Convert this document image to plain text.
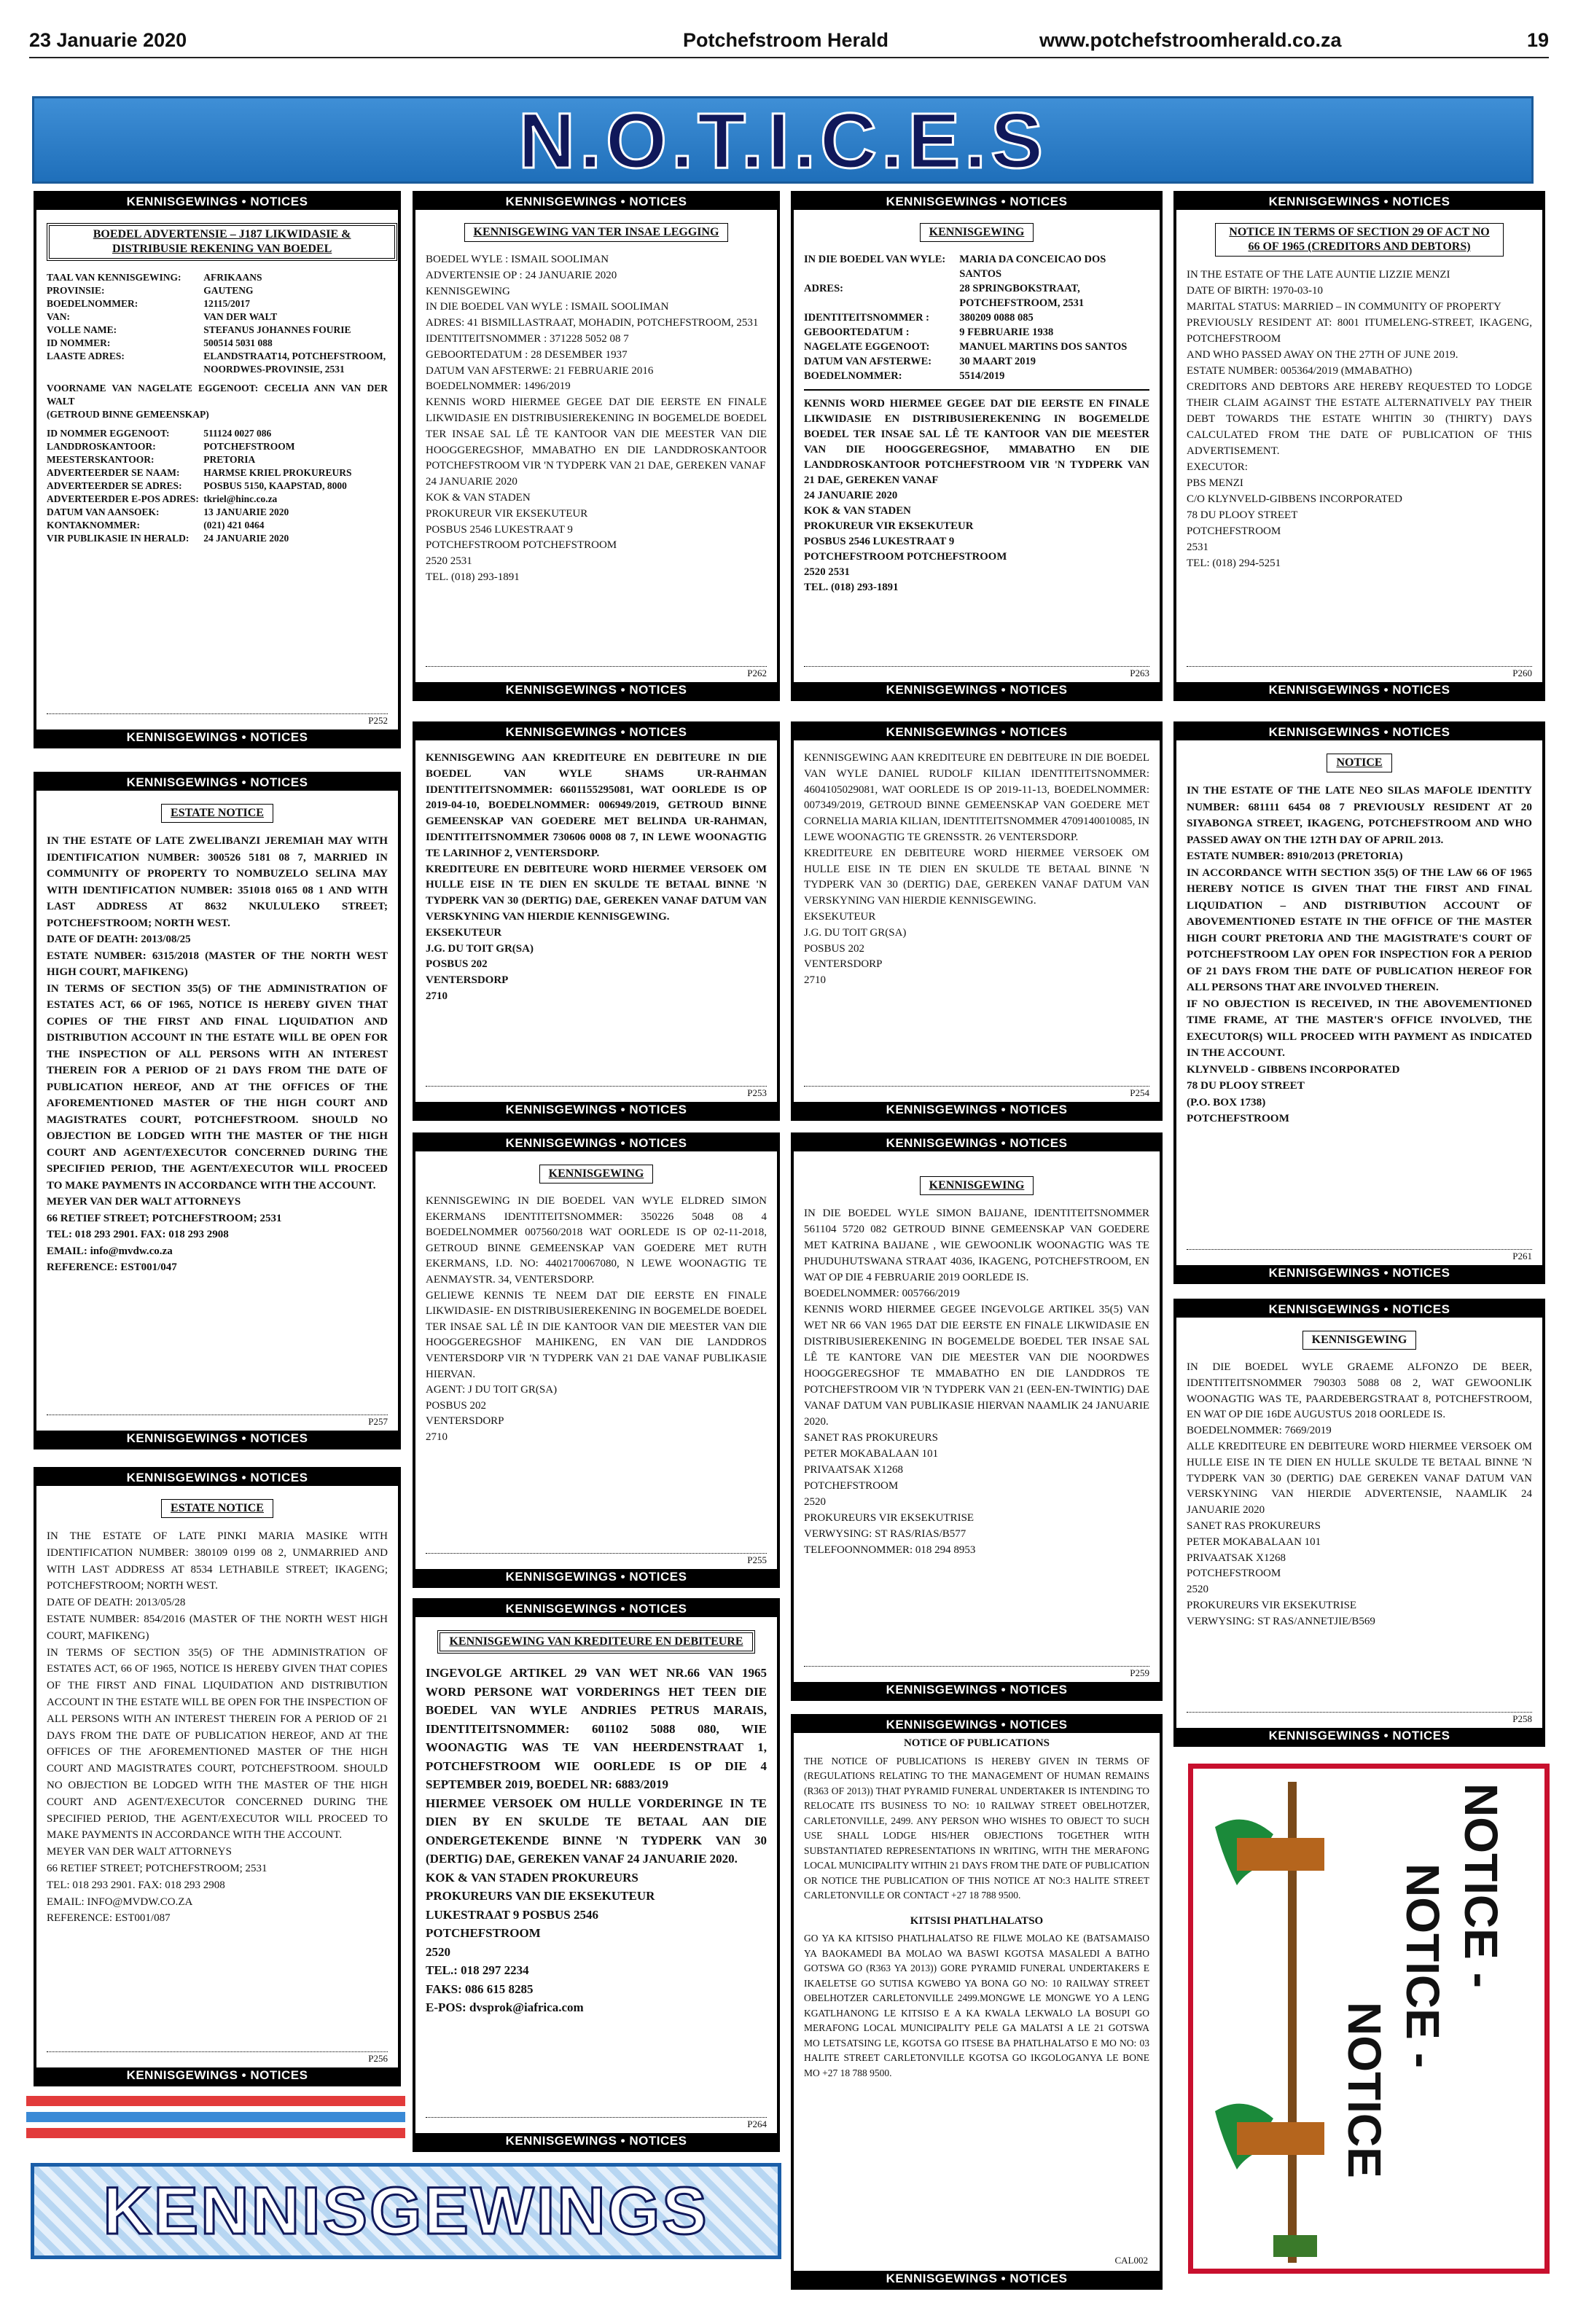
23 Januarie 2020	Potchefstroom Herald	www.potchefstroomherald.co.za	19
N.O.T.I.C.E.S
KENNISGEWINGS • NOTICES
BOEDEL ADVERTENSIE – J187 LIKWIDASIE & DISTRIBUSIE REKENING VAN BOEDEL
TAAL VAN KENNISGEWING:	AFRIKAANS
PROVINSIE:	GAUTENG
BOEDELNOMMER:	12115/2017
VAN:	VAN DER WALT
VOLLE NAME:	STEFANUS JOHANNES FOURIE
ID NOMMER:	500514 5031 088
LAASTE ADRES:	ELANDSTRAAT14, POTCHEFSTROOM, NOORDWES-PROVINSIE, 2531
VOORNAME VAN NAGELATE EGGENOOT: CECELIA ANN VAN DER WALT
(GETROUD BINNE GEMEENSKAP)
ID NOMMER EGGENOOT:	511124 0027 086
LANDDROSKANTOOR:	POTCHEFSTROOM
MEESTERSKANTOOR:	PRETORIA
ADVERTEERDER SE NAAM:	HARMSE KRIEL PROKUREURS
ADVERTEERDER SE ADRES:	POSBUS 5150, KAAPSTAD, 8000
ADVERTEERDER E-POS ADRES: tkriel@hinc.co.za
DATUM VAN AANSOEK:	13 JANUARIE 2020
KONTAKNOMMER:	(021) 421 0464
VIR PUBLIKASIE IN HERALD:	24 JANUARIE 2020
P252
KENNISGEWINGS • NOTICES
KENNISGEWINGS • NOTICES
ESTATE NOTICE
IN THE ESTATE OF LATE ZWELIBANZI JEREMIAH MAY WITH IDENTIFICATION NUMBER: 300526 5181 08 7, MARRIED IN COMMUNITY OF PROPERTY TO NOMBUZELO SELINA MAY WITH IDENTIFICATION NUMBER: 351018 0165 08 1 AND WITH LAST ADDRESS AT 8632 NKULULEKO STREET; POTCHEFSTROOM; NORTH WEST.
DATE OF DEATH: 2013/08/25
ESTATE NUMBER: 6315/2018 (MASTER OF THE NORTH WEST HIGH COURT, MAFIKENG)
IN TERMS OF SECTION 35(5) OF THE ADMINISTRATION OF ESTATES ACT, 66 OF 1965, NOTICE IS HEREBY GIVEN THAT COPIES OF THE FIRST AND FINAL LIQUIDATION AND DISTRIBUTION ACCOUNT IN THE ESTATE WILL BE OPEN FOR THE INSPECTION OF ALL PERSONS WITH AN INTEREST THEREIN FOR A PERIOD OF 21 DAYS FROM THE DATE OF PUBLICATION HEREOF, AND AT THE OFFICES OF THE AFOREMENTIONED MASTER OF THE HIGH COURT AND MAGISTRATES COURT, POTCHEFSTROOM. SHOULD NO OBJECTION BE LODGED WITH THE MASTER OF THE HIGH COURT AND AGENT/EXECUTOR CONCERNED DURING THE SPECIFIED PERIOD, THE AGENT/EXECUTOR WILL PROCEED TO MAKE PAYMENTS IN ACCORDANCE WITH THE ACCOUNT.
MEYER VAN DER WALT ATTORNEYS
66 RETIEF STREET; POTCHEFSTROOM; 2531
TEL: 018 293 2901. FAX: 018 293 2908
EMAIL: info@mvdw.co.za
REFERENCE: EST001/047
P257
KENNISGEWINGS • NOTICES
KENNISGEWINGS • NOTICES
ESTATE NOTICE
IN THE ESTATE OF LATE PINKI MARIA MASIKE WITH IDENTIFICATION NUMBER: 380109 0199 08 2, UNMARRIED AND WITH LAST ADDRESS AT 8534 LETHABILE STREET; IKAGENG; POTCHEFSTROOM; NORTH WEST.
DATE OF DEATH: 2013/05/28
ESTATE NUMBER: 854/2016 (MASTER OF THE NORTH WEST HIGH COURT, MAFIKENG)
IN TERMS OF SECTION 35(5) OF THE ADMINISTRATION OF ESTATES ACT, 66 OF 1965, NOTICE IS HEREBY GIVEN THAT COPIES OF THE FIRST AND FINAL LIQUIDATION AND DISTRIBUTION ACCOUNT IN THE ESTATE WILL BE OPEN FOR THE INSPECTION OF ALL PERSONS WITH AN INTEREST THEREIN FOR A PERIOD OF 21 DAYS FROM THE DATE OF PUBLICATION HEREOF, AND AT THE OFFICES OF THE AFOREMENTIONED MASTER OF THE HIGH COURT AND MAGISTRATES COURT, POTCHEFSTROOM. SHOULD NO OBJECTION BE LODGED WITH THE MASTER OF THE HIGH COURT AND AGENT/EXECUTOR CONCERNED DURING THE SPECIFIED PERIOD, THE AGENT/EXECUTOR WILL PROCEED TO MAKE PAYMENTS IN ACCORDANCE WITH THE ACCOUNT.
MEYER VAN DER WALT ATTORNEYS
66 RETIEF STREET; POTCHEFSTROOM; 2531
TEL: 018 293 2901. FAX: 018 293 2908
EMAIL: INFO@MVDW.CO.ZA
REFERENCE: EST001/087
P256
KENNISGEWINGS • NOTICES
KENNISGEWINGS
KENNISGEWINGS • NOTICES
KENNISGEWING VAN TER INSAE LEGGING
BOEDEL WYLE : ISMAIL SOOLIMAN
ADVERTENSIE OP : 24 JANUARIE 2020
KENNISGEWING
IN DIE BOEDEL VAN WYLE : ISMAIL SOOLIMAN
ADRES: 41 BISMILLASTRAAT, MOHADIN, POTCHEFSTROOM, 2531
IDENTITEITSNOMMER : 371228 5052 08 7
GEBOORTEDATUM : 28 DESEMBER 1937
DATUM VAN AFSTERWE: 21 FEBRUARIE 2016
BOEDELNOMMER: 1496/2019
KENNIS WORD HIERMEE GEGEE DAT DIE EERSTE EN FINALE LIKWIDASIE EN DISTRIBUSIEREKENING IN BOGEMELDE BOEDEL TER INSAE SAL LÊ TE KANTOOR VAN DIE MEESTER VAN DIE HOOGGEREGSHOF, MMABATHO EN DIE LANDDROSKANTOOR POTCHEFSTROOM VIR 'N TYDPERK VAN 21 DAE, GEREKEN VANAF
24 JANUARIE 2020
KOK & VAN STADEN
PROKUREUR VIR EKSEKUTEUR
POSBUS 2546 LUKESTRAAT 9
POTCHEFSTROOM POTCHEFSTROOM
2520 2531
TEL. (018) 293-1891
P262
KENNISGEWINGS • NOTICES
KENNISGEWINGS • NOTICES
KENNISGEWING AAN KREDITEURE EN DEBITEURE IN DIE BOEDEL VAN WYLE SHAMS UR-RAHMAN IDENTITEITSNOMMER: 6601155295081, WAT OORLEDE IS OP 2019-04-10, BOEDELNOMMER: 006949/2019, GETROUD BINNE GEMEENSKAP VAN GOEDERE MET BELINDA UR-RAHMAN, IDENTITEITSNOMMER 730606 0008 08 7, IN LEWE WOONAGTIG TE LARINHOF 2, VENTERSDORP.
KREDITEURE EN DEBITEURE WORD HIERMEE VERSOEK OM HULLE EISE IN TE DIEN EN SKULDE TE BETAAL BINNE 'N TYDPERK VAN 30 (DERTIG) DAE, GEREKEN VANAF DATUM VAN VERSKYNING VAN HIERDIE KENNISGEWING.
EKSEKUTEUR
J.G. DU TOIT GR(SA)
POSBUS 202
VENTERSDORP
2710
P253
KENNISGEWINGS • NOTICES
KENNISGEWINGS • NOTICES
KENNISGEWING
KENNISGEWING IN DIE BOEDEL VAN WYLE ELDRED SIMON EKERMANS IDENTITEITSNOMMER: 350226 5048 08 4 BOEDELNOMMER 007560/2018 WAT OORLEDE IS OP 02-11-2018, GETROUD BINNE GEMEENSKAP VAN GOEDERE MET RUTH EKERMANS, I.D. NO: 4402170067080, N LEWE WOONAGTIG TE AENMAYSTR. 34, VENTERSDORP.
GELIEWE KENNIS TE NEEM DAT DIE EERSTE EN FINALE LIKWIDASIE- EN DISTRIBUSIEREKENING IN BOGEMELDE BOEDEL TER INSAE SAL LÊ IN DIE KANTOOR VAN DIE MEESTER VAN DIE HOOGGEREGSHOF MAHIKENG, EN VAN DIE LANDDROS VENTERSDORP VIR 'N TYDPERK VAN 21 DAE VANAF PUBLIKASIE HIERVAN.
AGENT: J DU TOIT GR(SA)
POSBUS 202
VENTERSDORP
2710
P255
KENNISGEWINGS • NOTICES
KENNISGEWINGS • NOTICES
KENNISGEWING VAN KREDITEURE EN DEBITEURE
INGEVOLGE ARTIKEL 29 VAN WET NR.66 VAN 1965 WORD PERSONE WAT VORDERINGS HET TEEN DIE BOEDEL VAN WYLE ANDRIES PETRUS MARAIS, IDENTITEITSNOMMER: 601102 5088 080, WIE WOONAGTIG WAS TE VAN HEERDENSTRAAT 1, POTCHEFSTROOM WIE OORLEDE IS OP DIE 4 SEPTEMBER 2019, BOEDEL NR: 6883/2019
HIERMEE VERSOEK OM HULLE VORDERINGE IN TE DIEN BY EN SKULDE TE BETAAL AAN DIE ONDERGETEKENDE BINNE 'N TYDPERK VAN 30 (DERTIG) DAE, GEREKEN VANAF 24 JANUARIE 2020.
KOK & VAN STADEN PROKUREURS
PROKUREURS VAN DIE EKSEKUTEUR
LUKESTRAAT 9 POSBUS 2546
POTCHEFSTROOM
2520
TEL.: 018 297 2234
FAKS: 086 615 8285
E-POS: dvsprok@iafrica.com
P264
KENNISGEWINGS • NOTICES
KENNISGEWINGS • NOTICES
KENNISGEWING
IN DIE BOEDEL VAN WYLE:	MARIA DA CONCEICAO DOS SANTOS
ADRES:	28 SPRINGBOKSTRAAT, POTCHEFSTROOM, 2531
IDENTITEITSNOMMER :	380209 0088 085
GEBOORTEDATUM :	9 FEBRUARIE 1938
NAGELATE EGGENOOT:	MANUEL MARTINS DOS SANTOS
DATUM VAN AFSTERWE:	30 MAART 2019
BOEDELNOMMER:	5514/2019
KENNIS WORD HIERMEE GEGEE DAT DIE EERSTE EN FINALE LIKWIDASIE EN DISTRIBUSIEREKENING IN BOGEMELDE BOEDEL TER INSAE SAL LÊ TE KANTOOR VAN DIE MEESTER VAN DIE HOOGGEREGSHOF, MMABATHO EN DIE LANDDROSKANTOOR POTCHEFSTROOM VIR 'N TYDPERK VAN 21 DAE, GEREKEN VANAF
24 JANUARIE 2020
KOK & VAN STADEN
PROKUREUR VIR EKSEKUTEUR
POSBUS 2546 LUKESTRAAT 9
POTCHEFSTROOM POTCHEFSTROOM
2520 2531
TEL. (018) 293-1891
P263
KENNISGEWINGS • NOTICES
KENNISGEWINGS • NOTICES
KENNISGEWING AAN KREDITEURE EN DEBITEURE IN DIE BOEDEL VAN WYLE DANIEL RUDOLF KILIAN IDENTITEITSNOMMER: 4604105029081, WAT OORLEDE IS OP 2019-11-13, BOEDELNOMMER: 007349/2019, GETROUD BINNE GEMEENSKAP VAN GOEDERE MET CORNELIA MARIA KILIAN, IDENTITEITSNOMMER 4709140010085, IN LEWE WOONAGTIG TE GRENSSTR. 26 VENTERSDORP.
KREDITEURE EN DEBITEURE WORD HIERMEE VERSOEK OM HULLE EISE IN TE DIEN EN SKULDE TE BETAAL BINNE 'N TYDPERK VAN 30 (DERTIG) DAE, GEREKEN VANAF DATUM VAN VERSKYNING VAN HIERDIE KENNISGEWING.
EKSEKUTEUR
J.G. DU TOIT GR(SA)
POSBUS 202
VENTERSDORP
2710
P254
KENNISGEWINGS • NOTICES
KENNISGEWINGS • NOTICES
KENNISGEWING
IN DIE BOEDEL WYLE SIMON BAIJANE, IDENTITEITSNOMMER 561104 5720 082 GETROUD BINNE GEMEENSKAP VAN GOEDERE MET KATRINA BAIJANE , WIE GEWOONLIK WOONAGTIG WAS TE PHUDUHUTSWANA STRAAT 4036, IKAGENG, POTCHEFSTROOM, EN WAT OP DIE 4 FEBRUARIE 2019 OORLEDE IS.
BOEDELNOMMER: 005766/2019
KENNIS WORD HIERMEE GEGEE INGEVOLGE ARTIKEL 35(5) VAN WET NR 66 VAN 1965 DAT DIE EERSTE EN FINALE LIKWIDASIE EN DISTRIBUSIEREKENING IN BOGEMELDE BOEDEL TER INSAE SAL LÊ TE KANTORE VAN DIE MEESTER VAN DIE NOORDWES HOOGGEREGSHOF TE MMABATHO EN DIE LANDDROS TE POTCHEFSTROOM VIR 'N TYDPERK VAN 21 (EEN-EN-TWINTIG) DAE VANAF DATUM VAN PUBLIKASIE HIERVAN NAAMLIK 24 JANUARIE 2020.
SANET RAS PROKUREURS
PETER MOKABALAAN 101
PRIVAATSAK X1268
POTCHEFSTROOM
2520
PROKUREURS VIR EKSEKUTRISE
VERWYSING: ST RAS/RIAS/B577
TELEFOONNOMMER: 018 294 8953
P259
KENNISGEWINGS • NOTICES
KENNISGEWINGS • NOTICES
NOTICE OF PUBLICATIONS
THE NOTICE OF PUBLICATIONS IS HEREBY GIVEN IN TERMS OF (REGULATIONS RELATING TO THE MANAGEMENT OF HUMAN REMAINS (R363 OF 2013)) THAT PYRAMID FUNERAL UNDERTAKER IS INTENDING TO RELOCATE ITS BUSINESS TO NO: 10 RAILWAY STREET OBELHOTZER, CARLETONVILLE, 2499. ANY PERSON WHO WISHES TO OBJECT TO SUCH USE SHALL LODGE HIS/HER OBJECTIONS TOGETHER WITH SUBSTANTIATED REPRESENTATIONS IN WRITING, WITH THE MERAFONG LOCAL MUNICIPALITY WITHIN 21 DAYS FROM THE DATE OF PUBLICATION OR NOTICE THE PUBLICATION OF THIS NOTICE AT NO:3 HALITE STREET CARLETONVILLE OR CONTACT +27 18 788 9500.
KITSISI PHATLHALATSO
GO YA KA KITSISO PHATLHALATSO RE FILWE MOLAO KE (BATSAMAISO YA BAOKAMEDI BA MOLAO WA BASWI KGOTSA MASALEDI A BATHO GOTSWA GO (R363 YA 2013)) GORE PYRAMID FUNERAL UNDERTAKERS E IKAELETSE GO SUTISA KGWEBO YA BONA GO NO: 10 RAILWAY STREET OBELHOTZER CARLETONVILLE 2499.MONGWE LE MONGWE YO A LENG KGATLHANONG LE KITSISO E A KA KWALA LEKWALO LA BOSUPI GO MERAFONG LOCAL MUNICIPALITY PELE GA MALATSI A LE 21 GOTSWA MO LETSATSING LE, KGOTSA GO ITSESE BA PHATLHALATSO E MO NO: 03 HALITE STREET CARLETONVILLE KGOTSA GO IKGOLOGANYA LE BONE MO +27 18 788 9500.
CAL002
KENNISGEWINGS • NOTICES
KENNISGEWINGS • NOTICES
NOTICE IN TERMS OF SECTION 29 OF ACT NO 66 OF 1965 (CREDITORS AND DEBTORS)
IN THE ESTATE OF THE LATE AUNTIE LIZZIE MENZI
DATE OF BIRTH: 1970-03-10
MARITAL STATUS: MARRIED – IN COMMUNITY OF PROPERTY
PREVIOUSLY RESIDENT AT: 8001 ITUMELENG-STREET, IKAGENG, POTCHEFSTROOM
AND WHO PASSED AWAY ON THE 27TH OF JUNE 2019.
ESTATE NUMBER: 005364/2019 (MMABATHO)
CREDITORS AND DEBTORS ARE HEREBY REQUESTED TO LODGE THEIR CLAIM AGAINST THE ESTATE ALTERNATIVELY PAY THEIR DEBT TOWARDS THE ESTATE WHITIN 30 (THIRTY) DAYS CALCULATED FROM THE DATE OF PUBLICATION OF THIS ADVERTISEMENT.
EXECUTOR:
PBS MENZI
C/O KLYNVELD-GIBBENS INCORPORATED
78 DU PLOOY STREET
POTCHEFSTROOM
2531
TEL: (018) 294-5251
P260
KENNISGEWINGS • NOTICES
KENNISGEWINGS • NOTICES
NOTICE
IN THE ESTATE OF THE LATE NEO SILAS MAFOLE IDENTITY NUMBER: 681111 6454 08 7 PREVIOUSLY RESIDENT AT 20 SIYABONGA STREET, IKAGENG, POTCHEFSTROOM AND WHO PASSED AWAY ON THE 12TH DAY OF APRIL 2013.
ESTATE NUMBER: 8910/2013 (PRETORIA)
IN ACCORDANCE WITH SECTION 35(5) OF THE LAW 66 OF 1965 HEREBY NOTICE IS GIVEN THAT THE FIRST AND FINAL LIQUIDATION – AND DISTRIBUTION ACCOUNT OF ABOVEMENTIONED ESTATE IN THE OFFICE OF THE MASTER HIGH COURT PRETORIA AND THE MAGISTRATE'S COURT OF POTCHEFSTROOM LAY OPEN FOR INSPECTION FOR A PERIOD OF 21 DAYS FROM THE DATE OF PUBLICATION HEREOF FOR ALL PERSONS THAT ARE INVOLVED THEREIN.
IF NO OBJECTION IS RECEIVED, IN THE ABOVEMENTIONED TIME FRAME, AT THE MASTER'S OFFICE INVOLVED, THE EXECUTOR(S) WILL PROCEED WITH PAYMENT AS INDICATED IN THE ACCOUNT.
KLYNVELD - GIBBENS INCORPORATED
78 DU PLOOY STREET
(P.O. BOX 1738)
POTCHEFSTROOM
P261
KENNISGEWINGS • NOTICES
KENNISGEWINGS • NOTICES
KENNISGEWING
IN DIE BOEDEL WYLE GRAEME ALFONZO DE BEER, IDENTITEITSNOMMER 790303 5088 08 2, WAT GEWOONLIK WOONAGTIG WAS TE, PAARDEBERGSTRAAT 8, POTCHEFSTROOM, EN WAT OP DIE 16DE AUGUSTUS 2018 OORLEDE IS.
BOEDELNOMMER: 7669/2019
ALLE KREDITEURE EN DEBITEURE WORD HIERMEE VERSOEK OM HULLE EISE IN TE DIEN EN HULLE SKULDE TE BETAAL BINNE 'N TYDPERK VAN 30 (DERTIG) DAE GEREKEN VANAF DATUM VAN VERSKYNING VAN HIERDIE ADVERTENSIE, NAAMLIK 24 JANUARIE 2020
SANET RAS PROKUREURS
PETER MOKABALAAN 101
PRIVAATSAK X1268
POTCHEFSTROOM
2520
PROKUREURS VIR EKSEKUTRISE
VERWYSING: ST RAS/ANNETJIE/B569
P258
KENNISGEWINGS • NOTICES
NOTICE -
NOTICE -
NOTICE
